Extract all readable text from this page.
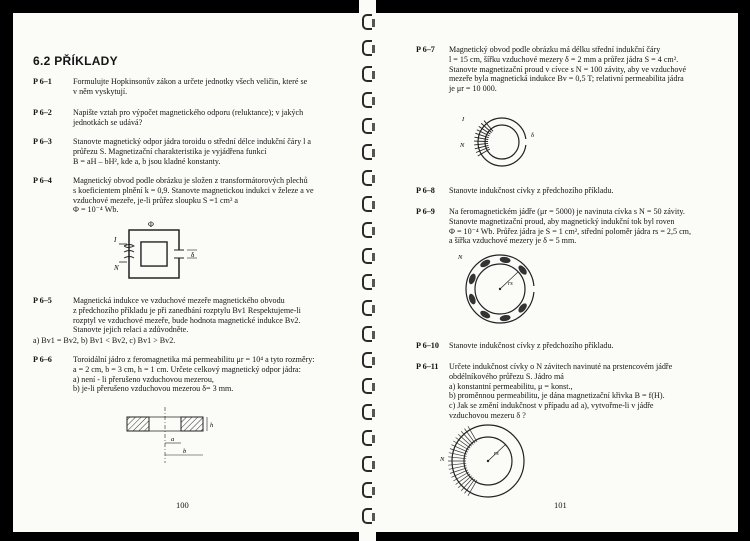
6.2 PŘÍKLADY
P 6–1	Formulujte Hopkinsonův zákon a určete jednotky všech veličin, které se
v něm vyskytují.
P 6–2	Napište vztah pro výpočet magnetického odporu (reluktance); v jakých
jednotkách se udává?
P 6–3	Stanovte magnetický odpor jádra toroidu o střední délce indukční čáry l a
průřezu S. Magnetizační charakteristika je vyjádřena funkcí
B = aH – bH², kde a, b jsou kladné konstanty.
P 6–4	Magnetický obvod podle obrázku je složen z transformátorových plechů
s koeficientem plnění k = 0,9. Stanovte magnetickou indukci v železe a ve
vzduchové mezeře, je-li průřez sloupku S =1 cm² a
Φ = 10⁻⁴ Wb.
Φ
I
N
δ
P 6–5	Magnetická indukce ve vzduchové mezeře magnetického obvodu
z předchozího příkladu je při zanedbání rozptylu Bv1 Respektujeme-li
rozptyl ve vzduchové mezeře, bude hodnota magnetické indukce Bv2.
Stanovte jejich relaci a zdůvodněte.
a) Bv1 = Bv2, b) Bv1 < Bv2, c) Bv1 > Bv2.
P 6–6	Toroidální jádro z feromagnetika má permeabilitu μr = 10⁴ a tyto rozměry:
a = 2 cm, b = 3 cm, h = 1 cm. Určete celkový magnetický odpor jádra:
a) není - li přerušeno vzduchovou mezerou,
b) je-li přerušeno vzduchovou mezerou δ= 3 mm.
h
a
b
100
P 6–7 Magnetický obvod podle obrázku má délku střední indukční čáry
l = 15 cm, šířku vzduchové mezery δ = 2 mm a průřez jádra S = 4 cm².
Stanovte magnetizační proud v cívce s N = 100 závity, aby ve vzduchové
mezeře byla magnetická indukce Bv = 0,5 T; relativní permeabilita jádra
je μr = 10 000.
I
N
δ
P 6–8 Stanovte indukčnost cívky z předchozího příkladu.
P 6–9 Na feromagnetickém jádře (μr = 5000) je navinuta cívka s N = 50 závity.
Stanovte magnetizační proud, aby magnetický indukční tok byl roven
Φ = 10⁻⁴ Wb. Průřez jádra je S = 1 cm², střední poloměr jádra rs = 2,5 cm,
a šířka vzduchové mezery je δ = 5 mm.
N
rs
P 6–10 Stanovte indukčnost cívky z předchozího příkladu.
P 6–11 Určete indukčnost cívky o N závitech navinuté na prstencovém jádře
obdélníkového průřezu S. Jádro má
a) konstantní permeabilitu, μ = konst.,
b) proměnnou permeabilitu, je dána magnetizační křivka B = f(H).
c) Jak se změní indukčnost v případu ad a), vytvořme-li v jádře
vzduchovou mezeru δ ?
N
rs
101
